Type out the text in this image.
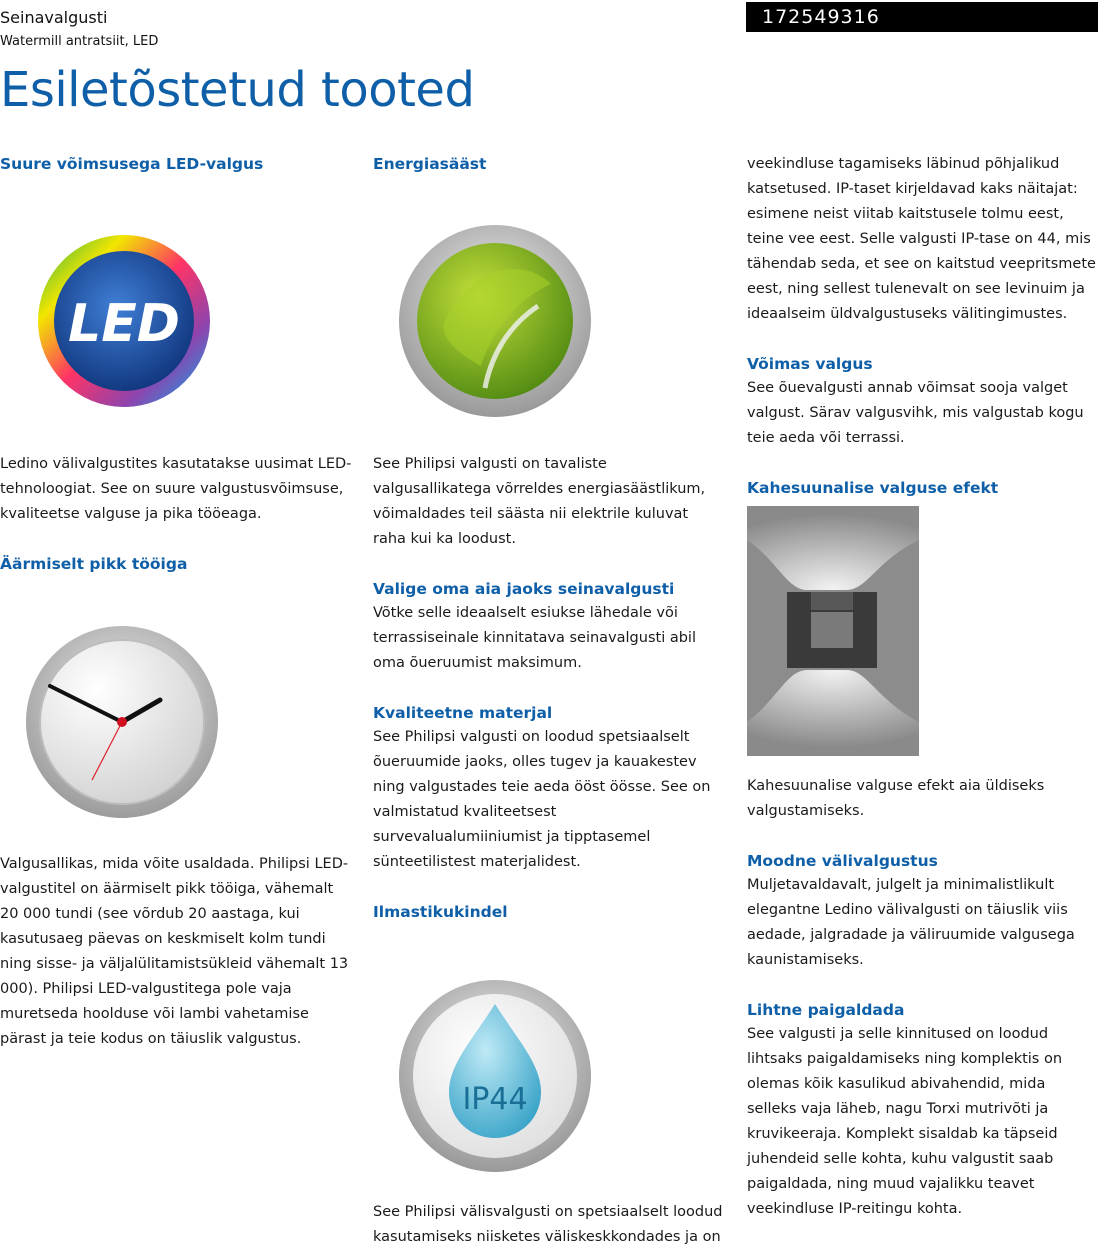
Seinavalgusti
Watermill antratsiit, LED
172549316
Esiletõstetud tooted
Suure võimsusega LED-valgus
LED

Ledino välivalgustites kasutatakse uusimat LED-tehnoloogiat. See on suure valgustusvõimsuse, kvaliteetse valguse ja pika tööeaga.

Äärmiselt pikk tööiga

Valgusallikas, mida võite usaldada. Philipsi LED-valgustitel on äärmiselt pikk tööiga, vähemalt 20 000 tundi (see võrdub 20 aastaga, kui kasutusaeg päevas on keskmiselt kolm tundi ning sisse- ja väljalülitamistsükleid vähemalt 13 000). Philipsi LED-valgustitega pole vaja muretseda hoolduse või lambi vahetamise pärast ja teie kodus on täiuslik valgustus.

Energiasääst

See Philipsi valgusti on tavaliste valgusallikatega võrreldes energiasäästlikum, võimaldades teil säästa nii elektrile kuluvat raha kui ka loodust.

Valige oma aia jaoks seinavalgusti

Võtke selle ideaalselt esiukse lähedale või terrassiseinale kinnitatava seinavalgusti abil oma õueruumist maksimum.

Kvaliteetne materjal

See Philipsi valgusti on loodud spetsiaalselt õueruumide jaoks, olles tugev ja kauakestev ning valgustades teie aeda ööst öösse. See on valmistatud kvaliteetsest survevalualumiiniumist ja tipptasemel sünteetilistest materjalidest.

Ilmastikukindel
IP44

See Philipsi välisvalgusti on spetsiaalselt loodud kasutamiseks niisketes väliskeskkondades ja on

veekindluse tagamiseks läbinud põhjalikud katsetused. IP-taset kirjeldavad kaks näitajat: esimene neist viitab kaitstusele tolmu eest, teine vee eest. Selle valgusti IP-tase on 44, mis tähendab seda, et see on kaitstud veepritsmete eest, ning sellest tulenevalt on see levinuim ja ideaalseim üldvalgustuseks välitingimustes.

Võimas valgus

See õuevalgusti annab võimsat sooja valget valgust. Särav valgusvihk, mis valgustab kogu teie aeda või terrassi.

Kahesuunalise valguse efekt

Kahesuunalise valguse efekt aia üldiseks valgustamiseks.

Moodne välivalgustus

Muljetavaldavalt, julgelt ja minimalistlikult elegantne Ledino välivalgusti on täiuslik viis aedade, jalgradade ja väliruumide valgusega kaunistamiseks.

Lihtne paigaldada

See valgusti ja selle kinnitused on loodud lihtsaks paigaldamiseks ning komplektis on olemas kõik kasulikud abivahendid, mida selleks vaja läheb, nagu Torxi mutrivõti ja kruvikeeraja. Komplekt sisaldab ka täpseid juhendeid selle kohta, kuhu valgustit saab paigaldada, ning muud vajalikku teavet veekindluse IP-reitingu kohta.
